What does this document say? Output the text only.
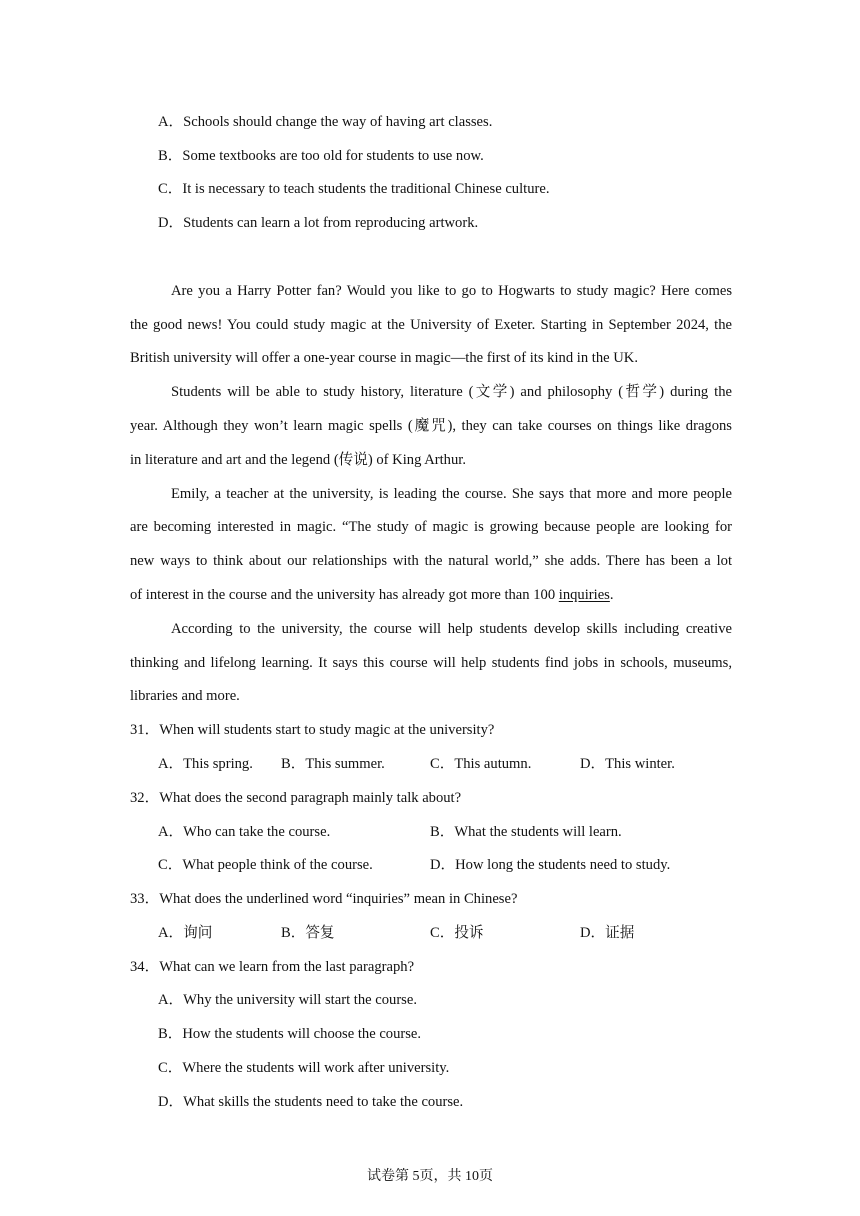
A．Schools should change the way of having art classes.
B．Some textbooks are too old for students to use now.
C．It is necessary to teach students the traditional Chinese culture.
D．Students can learn a lot from reproducing artwork.
Are you a Harry Potter fan? Would you like to go to Hogwarts to study magic? Here comes
the good news! You could study magic at the University of Exeter. Starting in September 2024, the
British university will offer a one-year course in magic—the first of its kind in the UK.
Students will be able to study history, literature (文学) and philosophy (哲学) during the
year. Although they won’t learn magic spells (魔咒), they can take courses on things like dragons
in literature and art and the legend (传说) of King Arthur.
Emily, a teacher at the university, is leading the course. She says that more and more people
are becoming interested in magic. “The study of magic is growing because people are looking for
new ways to think about our relationships with the natural world,” she adds. There has been a lot
of interest in the course and the university has already got more than 100 inquiries.
According to the university, the course will help students develop skills including creative
thinking and lifelong learning. It says this course will help students find jobs in schools, museums,
libraries and more.
31．When will students start to study magic at the university?
A．This spring. B．This summer.	C．This autumn.	D．This winter.
32．What does the second paragraph mainly talk about?
A．Who can take the course.	B．What the students will learn.
C．What people think of the course.	D．How long the students need to study.
33．What does the underlined word “inquiries” mean in Chinese?
A．询问	B．答复	C．投诉	D．证据
34．What can we learn from the last paragraph?
A．Why the university will start the course.
B．How the students will choose the course.
C．Where the students will work after university.
D．What skills the students need to take the course.
试卷第 5页，共 10页
